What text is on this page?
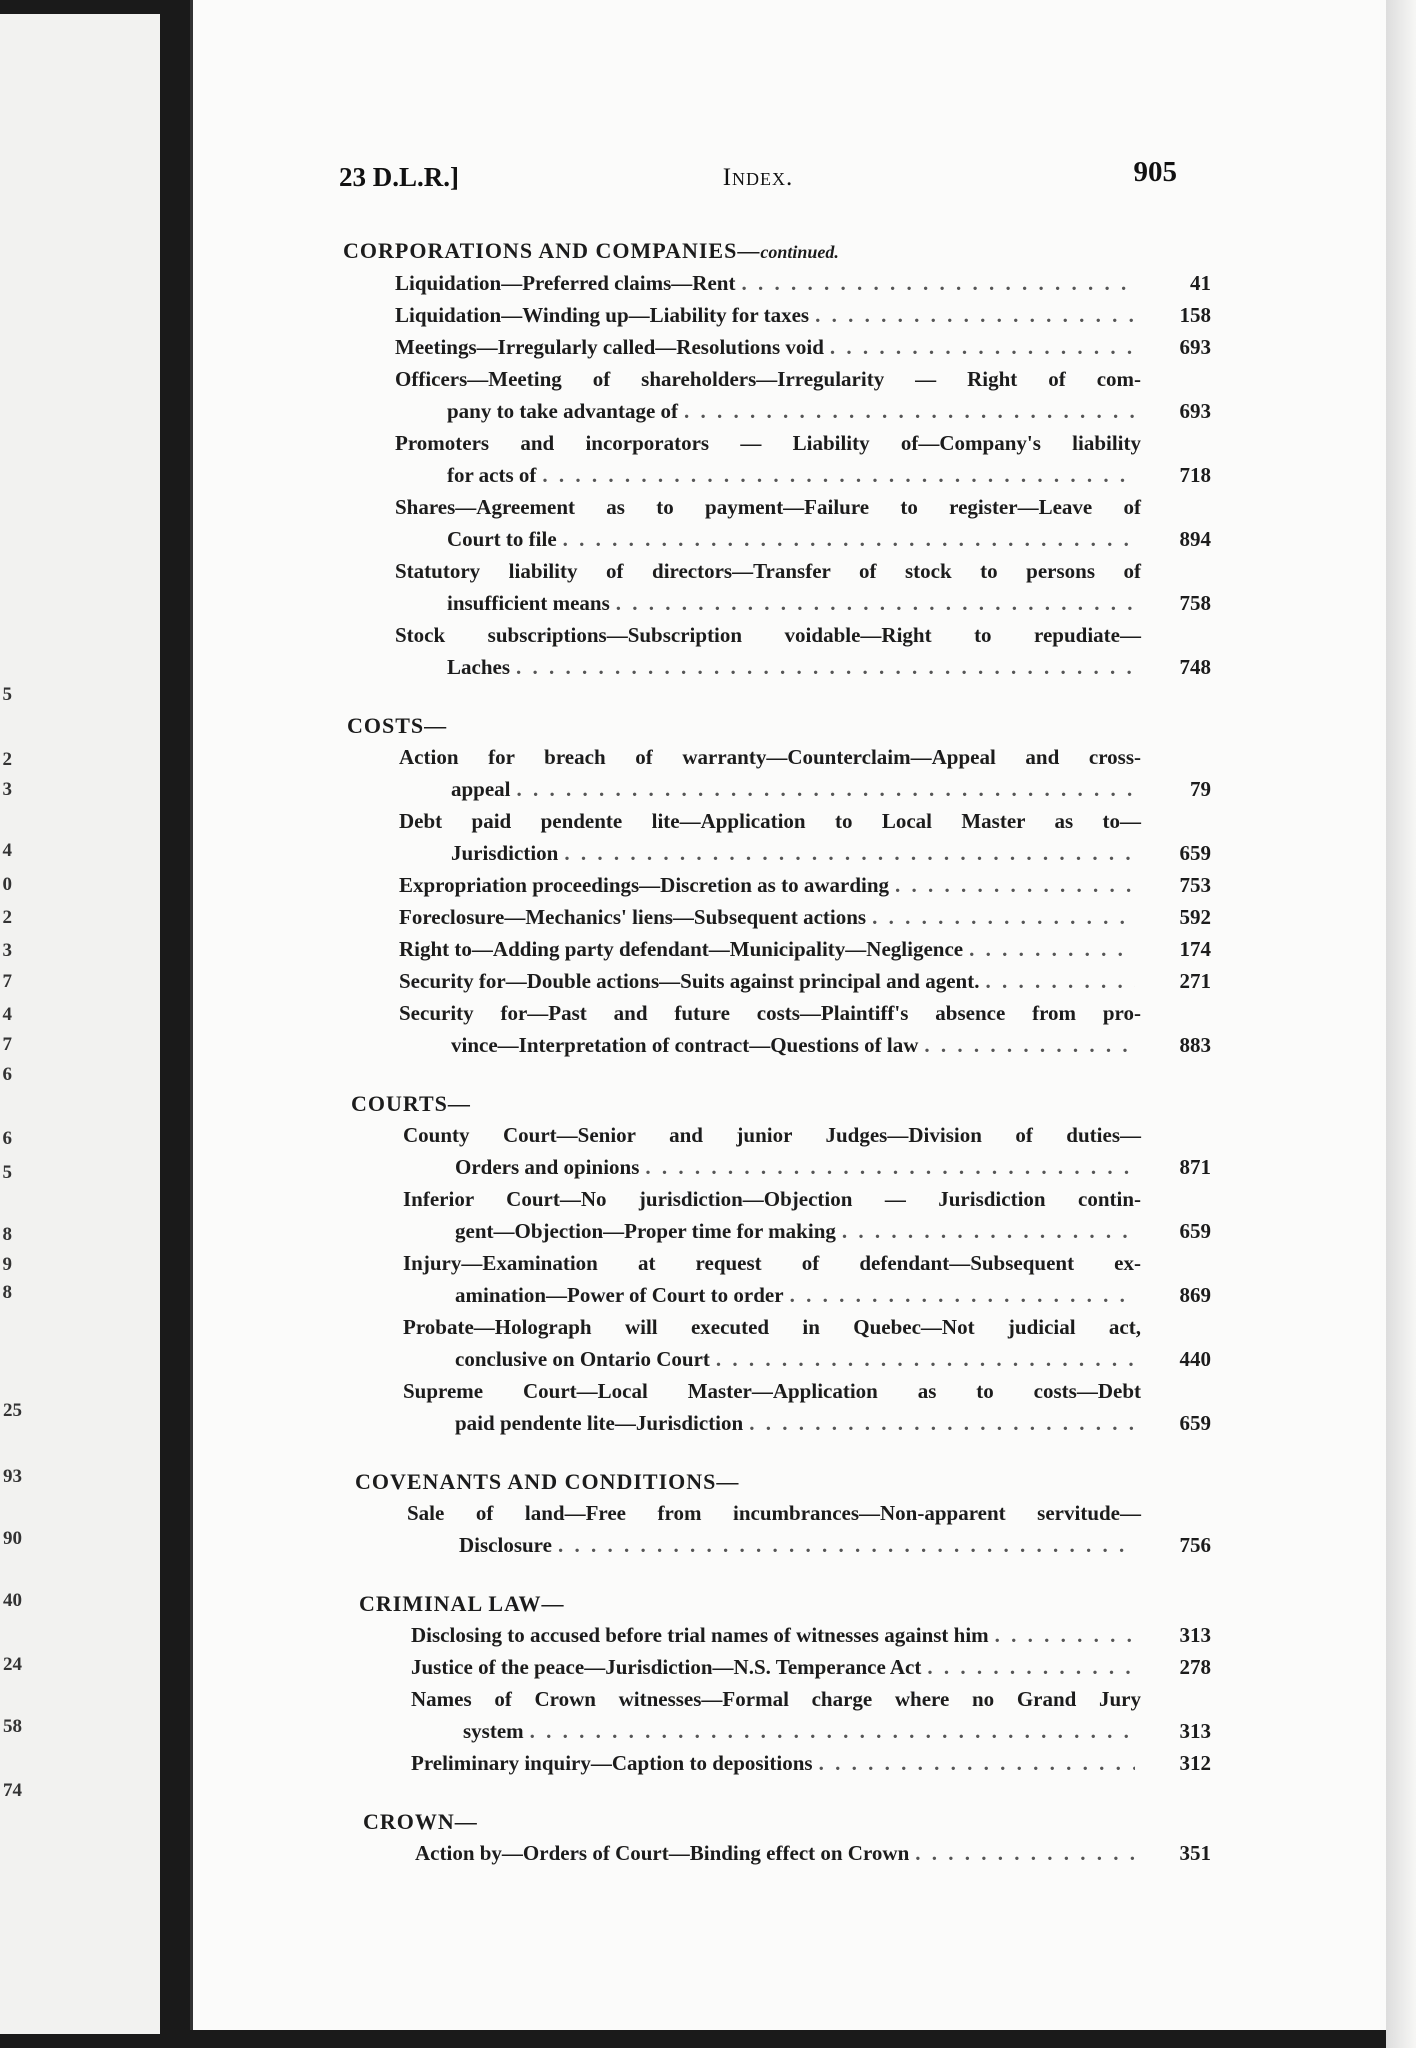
5
2
3
4
0
2
3
7
4
7
6
6
5
8
9
8
25
93
90
40
24
58
74
23 D.L.R.]	Index.	905
CORPORATIONS AND COMPANIES—continued.
Liquidation—Preferred claims—Rent . . .	41
Liquidation—Winding up—Liability for taxes . . .	158
Meetings—Irregularly called—Resolutions void . . .	693
Officers—Meeting of shareholders—Irregularity — Right of com-
pany to take advantage of . . .	693
Promoters and incorporators — Liability of—Company's liability
for acts of . . .	718
Shares—Agreement as to payment—Failure to register—Leave of
Court to file . . .	894
Statutory liability of directors—Transfer of stock to persons of
insufficient means . . .	758
Stock subscriptions—Subscription voidable—Right to repudiate—
Laches . . .	748
COSTS—
Action for breach of warranty—Counterclaim—Appeal and cross-
appeal . . .	79
Debt paid pendente lite—Application to Local Master as to—
Jurisdiction . . .	659
Expropriation proceedings—Discretion as to awarding . . .	753
Foreclosure—Mechanics' liens—Subsequent actions . . .	592
Right to—Adding party defendant—Municipality—Negligence . . .	174
Security for—Double actions—Suits against principal and agent. . . .	271
Security for—Past and future costs—Plaintiff's absence from pro-
vince—Interpretation of contract—Questions of law . . .	883
COURTS—
County Court—Senior and junior Judges—Division of duties—
Orders and opinions . . .	871
Inferior Court—No jurisdiction—Objection — Jurisdiction contin-
gent—Objection—Proper time for making . . .	659
Injury—Examination at request of defendant—Subsequent ex-
amination—Power of Court to order . . .	869
Probate—Holograph will executed in Quebec—Not judicial act,
conclusive on Ontario Court . . .	440
Supreme Court—Local Master—Application as to costs—Debt
paid pendente lite—Jurisdiction . . .	659
COVENANTS AND CONDITIONS—
Sale of land—Free from incumbrances—Non-apparent servitude—
Disclosure . . .	756
CRIMINAL LAW—
Disclosing to accused before trial names of witnesses against him . . .	313
Justice of the peace—Jurisdiction—N.S. Temperance Act . . .	278
Names of Crown witnesses—Formal charge where no Grand Jury
system . . .	313
Preliminary inquiry—Caption to depositions . . .	312
CROWN—
Action by—Orders of Court—Binding effect on Crown . . .	351
